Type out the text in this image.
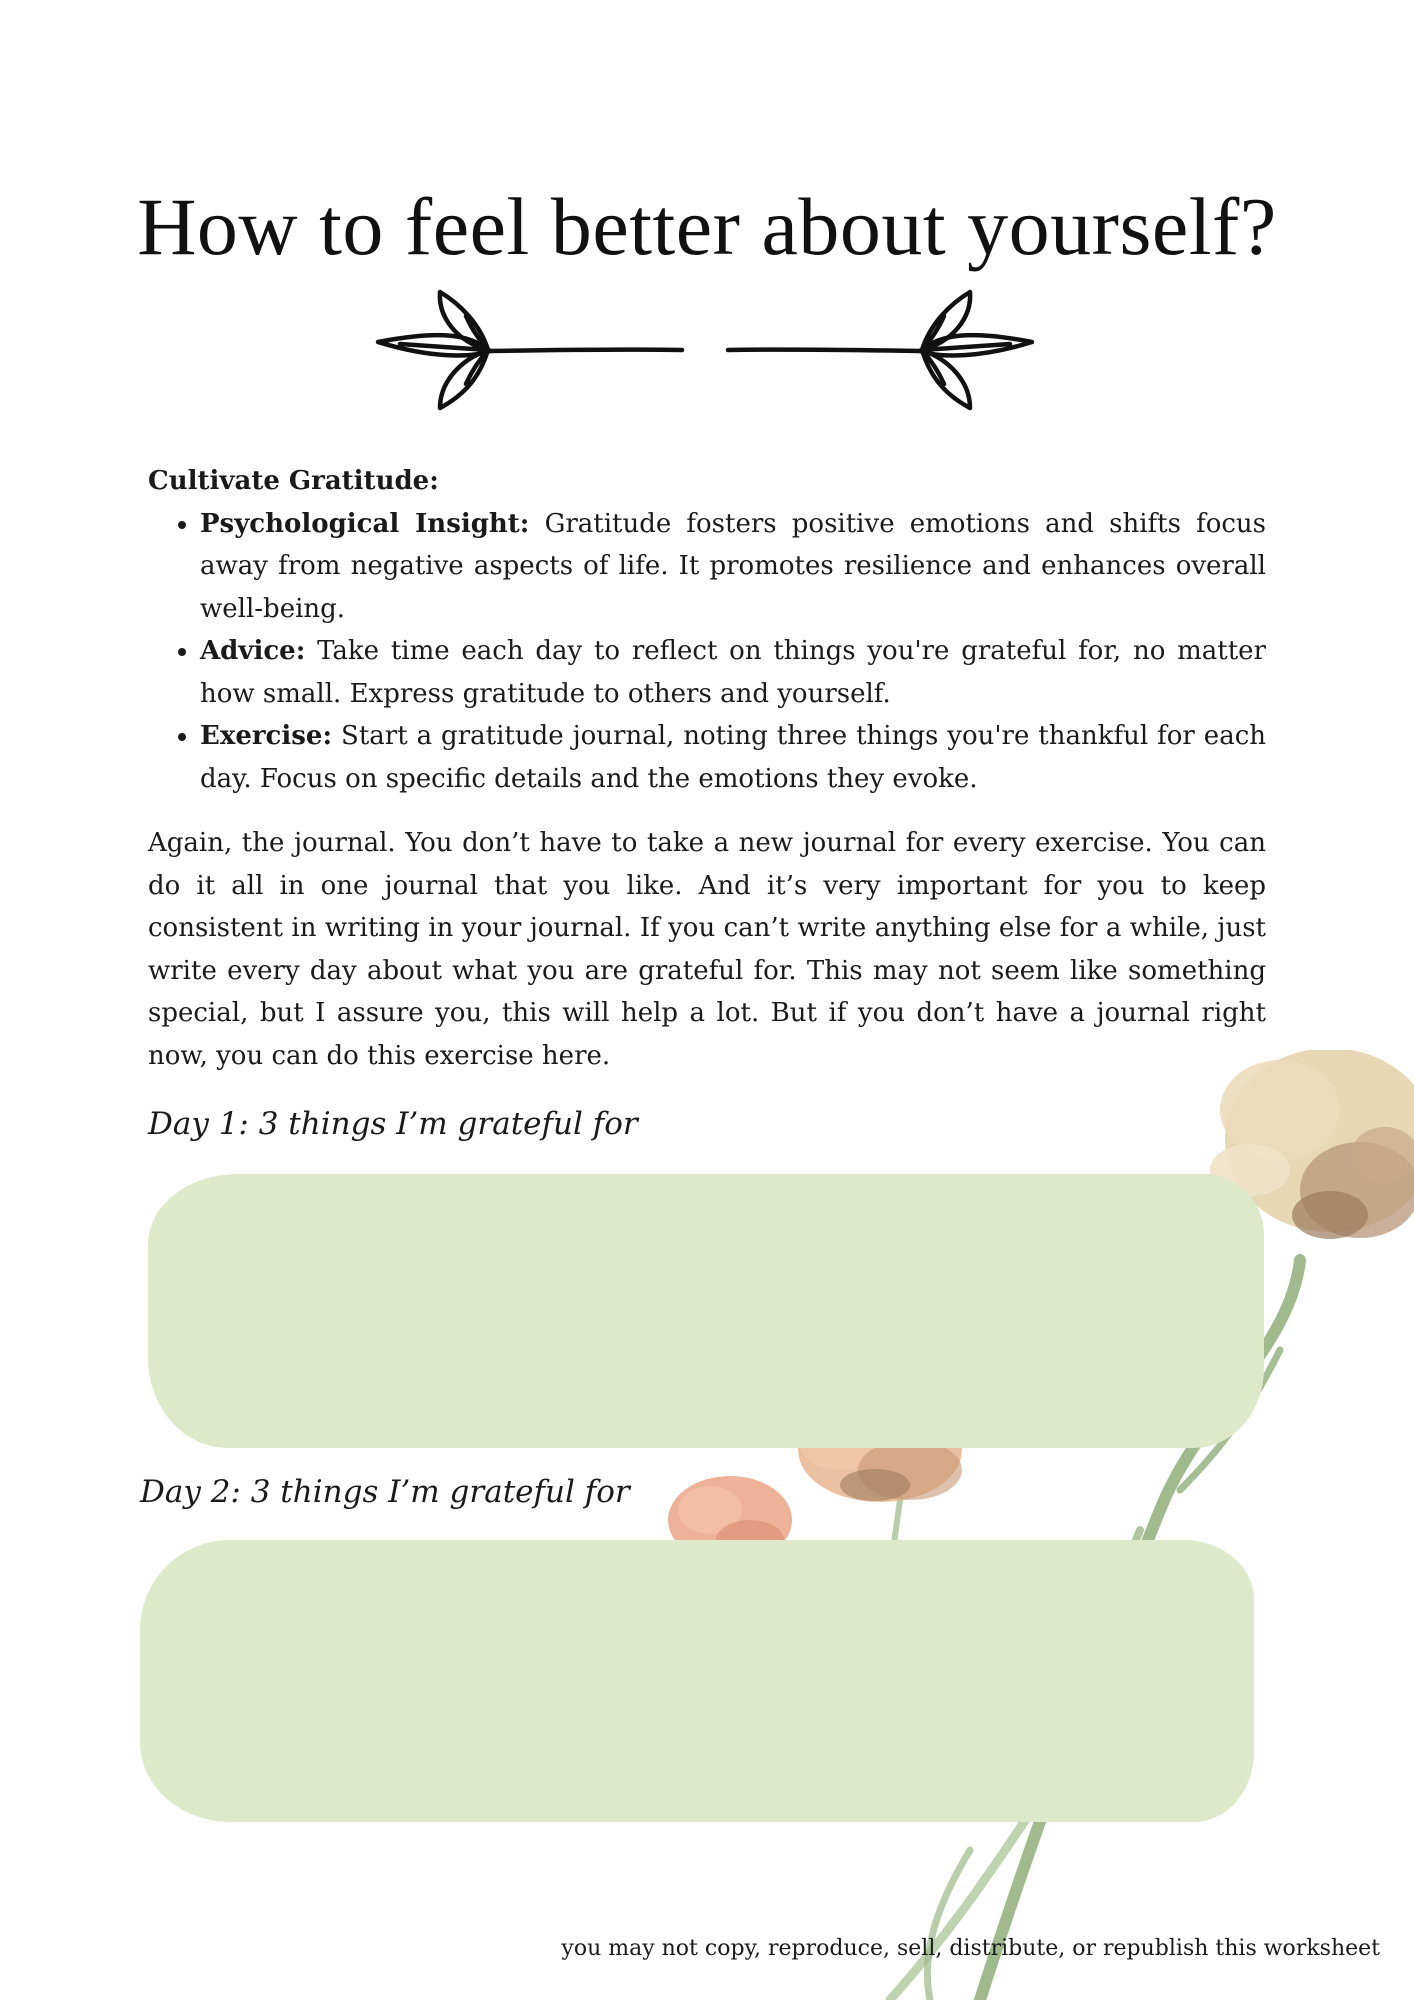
How to feel better about yourself?

Cultivate Gratitude:

• Psychological Insight: Gratitude fosters positive emotions and shifts focus away from negative aspects of life. It promotes resilience and enhances overall well-being.
• Advice: Take time each day to reflect on things you're grateful for, no matter how small. Express gratitude to others and yourself.
• Exercise: Start a gratitude journal, noting three things you're thankful for each day. Focus on specific details and the emotions they evoke.

Again, the journal. You don’t have to take a new journal for every exercise. You can do it all in one journal that you like. And it’s very important for you to keep consistent in writing in your journal. If you can’t write anything else for a while, just write every day about what you are grateful for. This may not seem like something special, but I assure you, this will help a lot. But if you don’t have a journal right now, you can do this exercise here.

Day 1: 3 things I’m grateful for
Day 2: 3 things I’m grateful for
you may not copy, reproduce, sell, distribute, or republish this worksheet
